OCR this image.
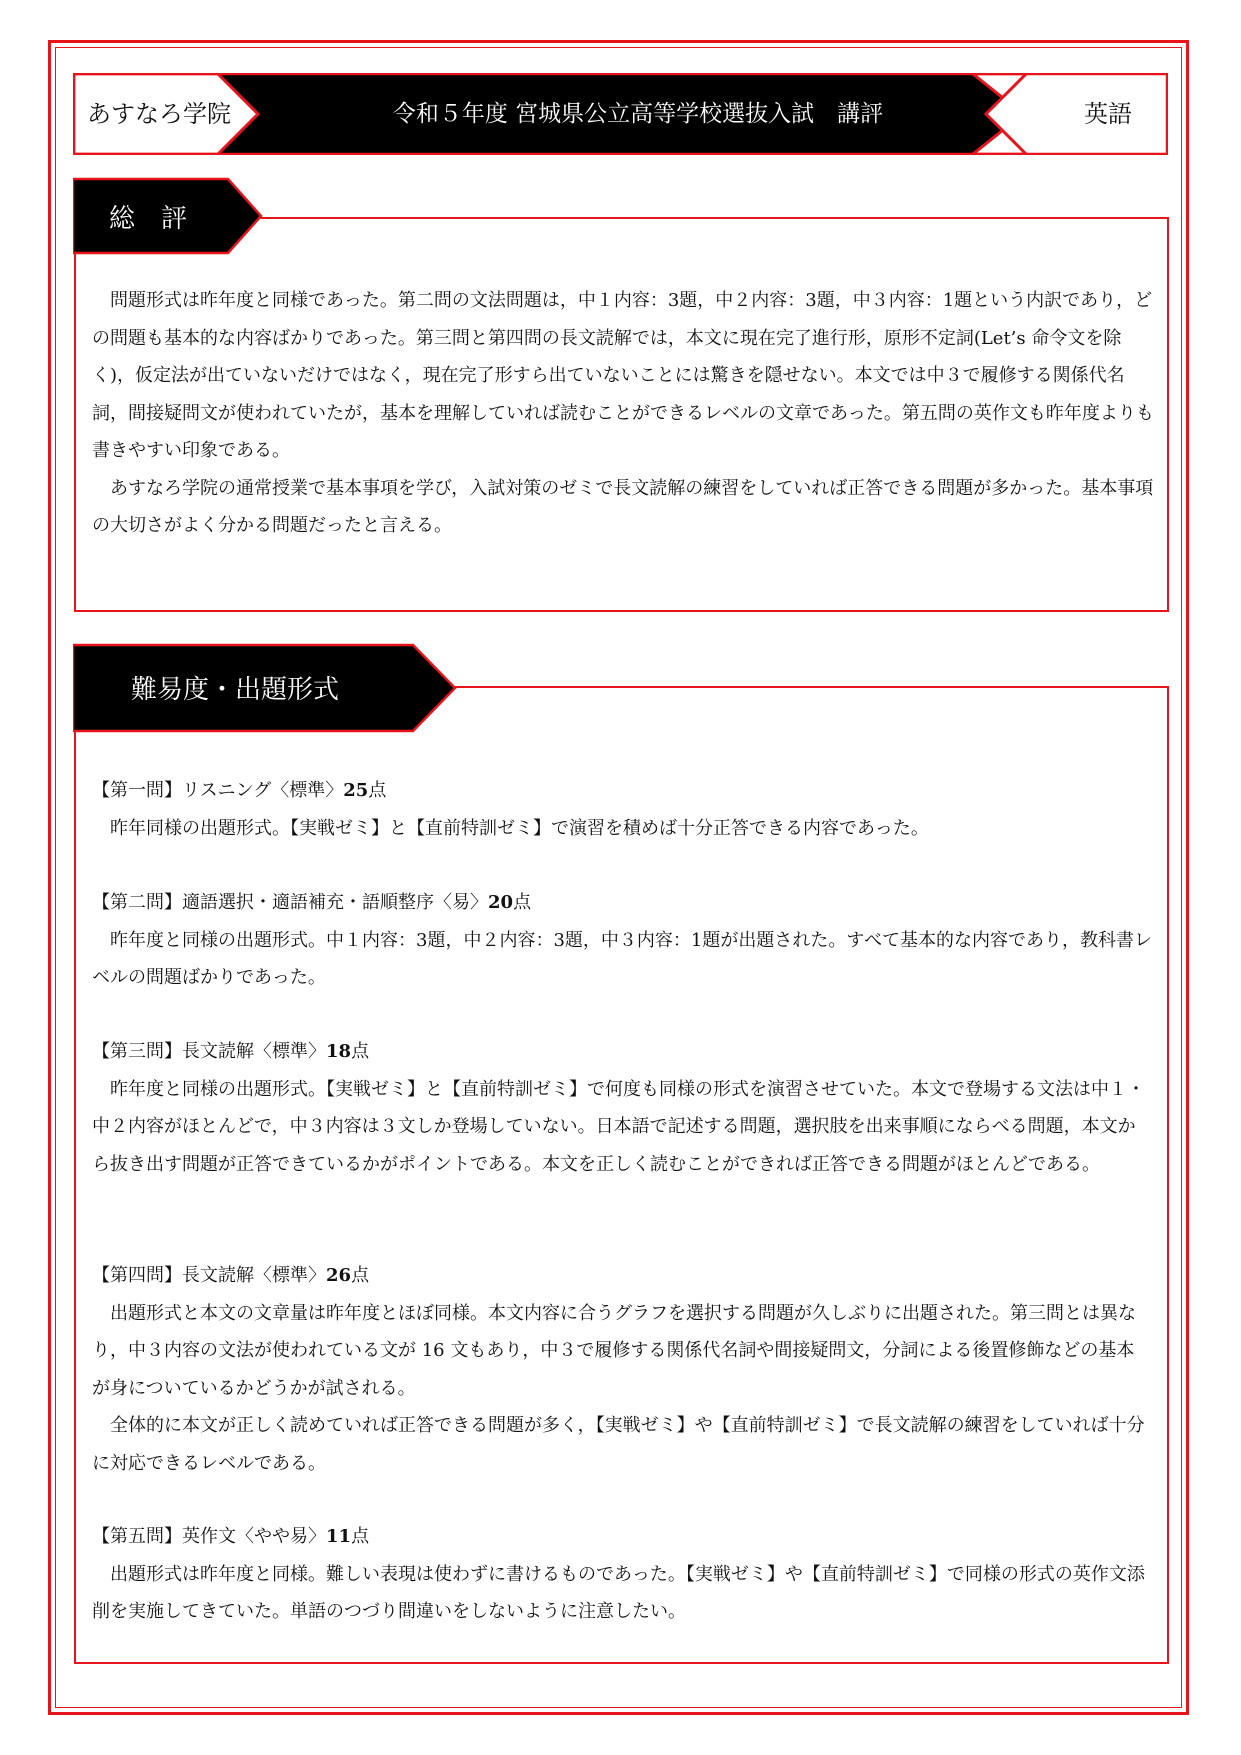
あすなろ学院	令和５年度 宮城県公立高等学校選抜入試　講評	英語
総　評

問題形式は昨年度と同様であった。第二問の文法問題は，中１内容：3題，中２内容：3題，中３内容：1題という内訳であり，どの問題も基本的な内容ばかりであった。第三問と第四問の長文読解では，本文に現在完了進行形，原形不定詞(Let’s 命令文を除く)，仮定法が出ていないだけではなく，現在完了形すら出ていないことには驚きを隠せない。本文では中３で履修する関係代名詞，間接疑問文が使われていたが，基本を理解していれば読むことができるレベルの文章であった。第五問の英作文も昨年度よりも書きやすい印象である。

あすなろ学院の通常授業で基本事項を学び，入試対策のゼミで長文読解の練習をしていれば正答できる問題が多かった。基本事項の大切さがよく分かる問題だったと言える。

難易度・出題形式
【第一問】リスニング〈標準〉25点

昨年同様の出題形式。【実戦ゼミ】と【直前特訓ゼミ】で演習を積めば十分正答できる内容であった。

【第二問】適語選択・適語補充・語順整序〈易〉20点

昨年度と同様の出題形式。中１内容：3題，中２内容：3題，中３内容：1題が出題された。すべて基本的な内容であり，教科書レベルの問題ばかりであった。

【第三問】長文読解〈標準〉18点

昨年度と同様の出題形式。【実戦ゼミ】と【直前特訓ゼミ】で何度も同様の形式を演習させていた。本文で登場する文法は中１・中２内容がほとんどで，中３内容は３文しか登場していない。日本語で記述する問題，選択肢を出来事順にならべる問題，本文から抜き出す問題が正答できているかがポイントである。本文を正しく読むことができれば正答できる問題がほとんどである。

【第四問】長文読解〈標準〉26点

出題形式と本文の文章量は昨年度とほぼ同様。本文内容に合うグラフを選択する問題が久しぶりに出題された。第三問とは異なり，中３内容の文法が使われている文が 16 文もあり，中３で履修する関係代名詞や間接疑問文，分詞による後置修飾などの基本が身についているかどうかが試される。

全体的に本文が正しく読めていれば正答できる問題が多く，【実戦ゼミ】や【直前特訓ゼミ】で長文読解の練習をしていれば十分に対応できるレベルである。

【第五問】英作文〈やや易〉11点

出題形式は昨年度と同様。難しい表現は使わずに書けるものであった。【実戦ゼミ】や【直前特訓ゼミ】で同様の形式の英作文添削を実施してきていた。単語のつづり間違いをしないように注意したい。
